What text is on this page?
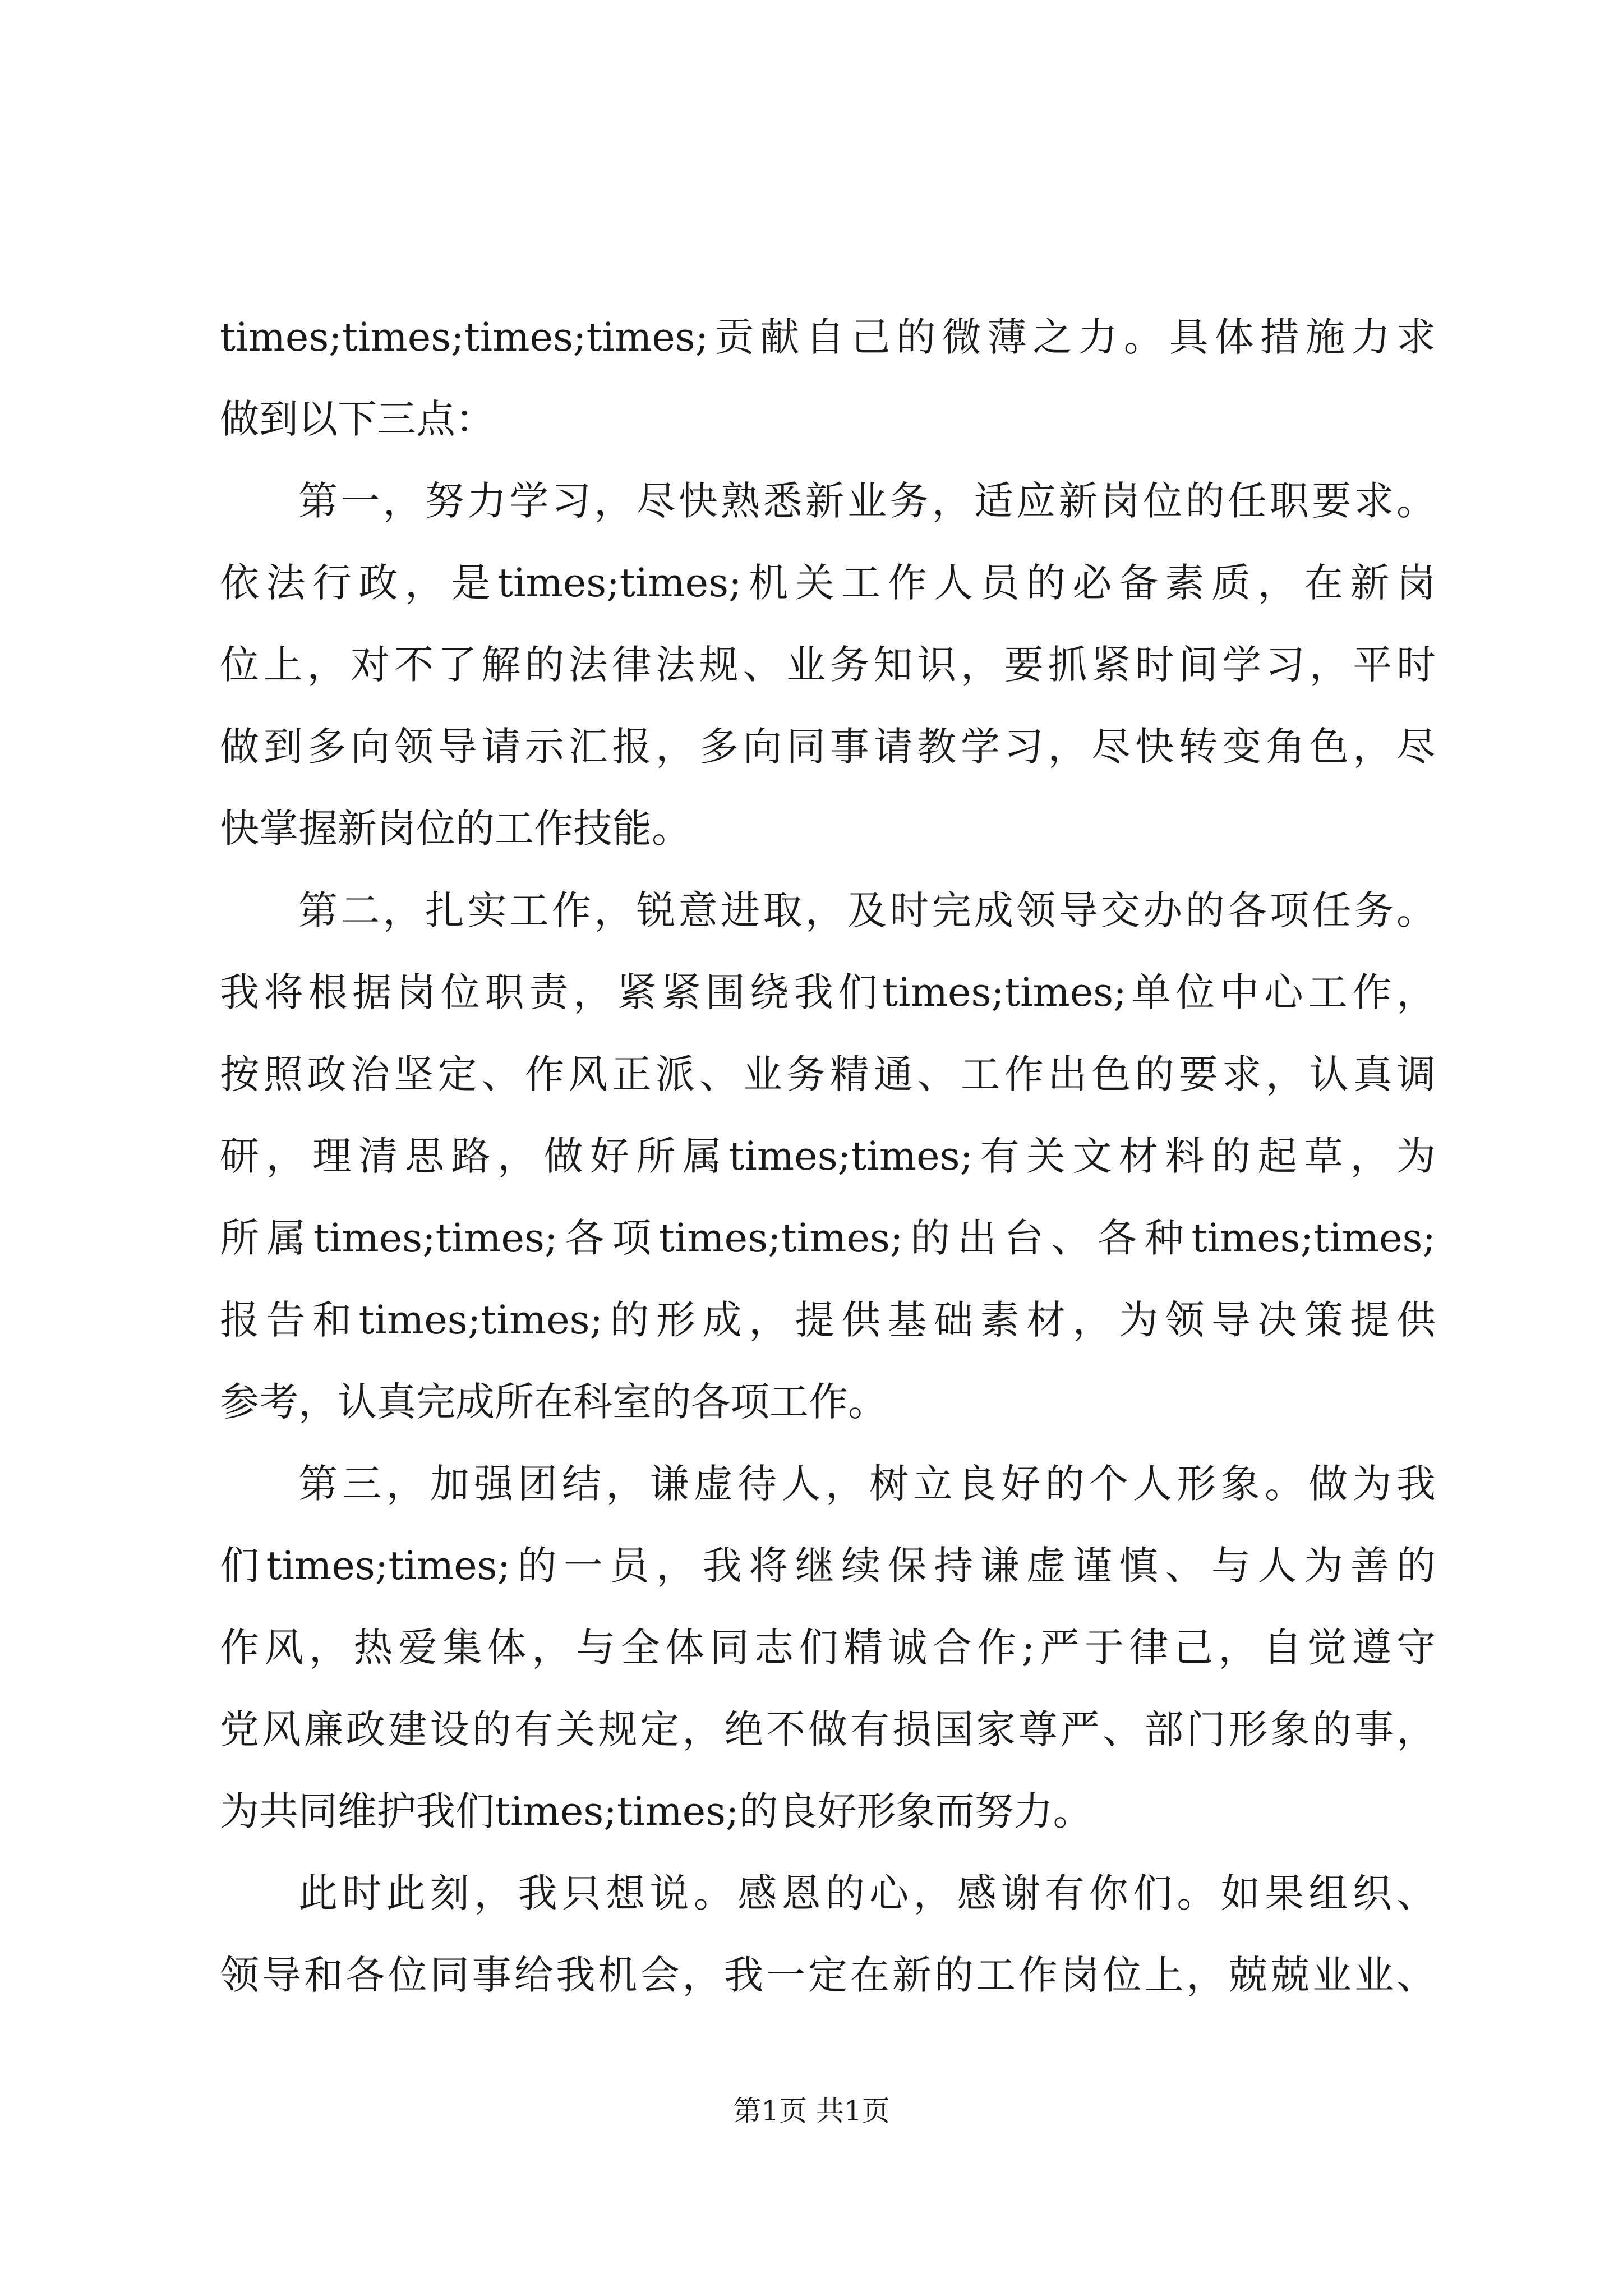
times;times;times;times;贡献自己的微薄之力。具体措施力求
做到以下三点：
第一，努力学习，尽快熟悉新业务，适应新岗位的任职要求。
依法行政，是times;times;机关工作人员的必备素质，在新岗
位上，对不了解的法律法规、业务知识，要抓紧时间学习，平时
做到多向领导请示汇报，多向同事请教学习，尽快转变角色，尽
快掌握新岗位的工作技能。
第二，扎实工作，锐意进取，及时完成领导交办的各项任务。
我将根据岗位职责，紧紧围绕我们times;times;单位中心工作，
按照政治坚定、作风正派、业务精通、工作出色的要求，认真调
研，理清思路，做好所属times;times;有关文材料的起草，为
所属times;times;各项times;times;的出台、各种times;times;
报告和times;times;的形成，提供基础素材，为领导决策提供
参考，认真完成所在科室的各项工作。
第三，加强团结，谦虚待人，树立良好的个人形象。做为我
们times;times;的一员，我将继续保持谦虚谨慎、与人为善的
作风，热爱集体，与全体同志们精诚合作;严于律己，自觉遵守
党风廉政建设的有关规定，绝不做有损国家尊严、部门形象的事，
为共同维护我们times;times;的良好形象而努力。
此时此刻，我只想说。感恩的心，感谢有你们。如果组织、
领导和各位同事给我机会，我一定在新的工作岗位上，兢兢业业、
第1页 共1页
